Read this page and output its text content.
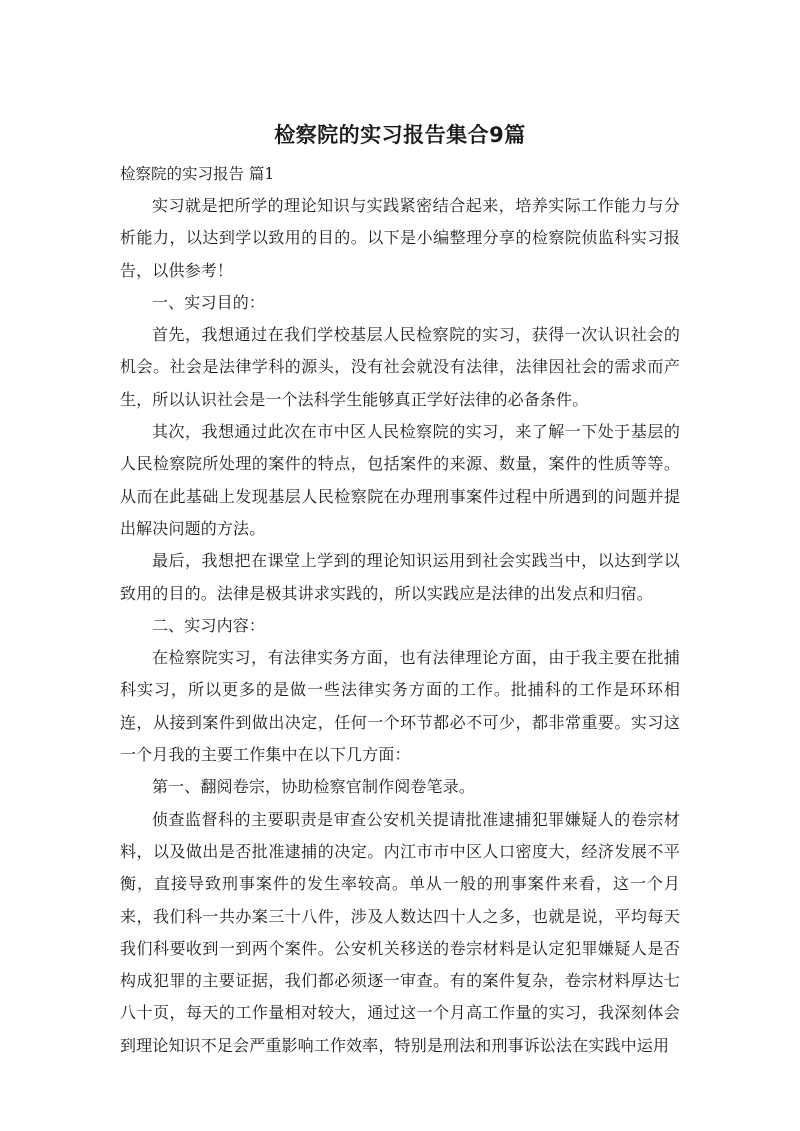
检察院的实习报告集合9篇

检察院的实习报告 篇1

实习就是把所学的理论知识与实践紧密结合起来，培养实际工作能力与分析能力，以达到学以致用的目的。以下是小编整理分享的检察院侦监科实习报告，以供参考！

一、实习目的：

首先，我想通过在我们学校基层人民检察院的实习，获得一次认识社会的机会。社会是法律学科的源头，没有社会就没有法律，法律因社会的需求而产生，所以认识社会是一个法科学生能够真正学好法律的必备条件。

其次，我想通过此次在市中区人民检察院的实习，来了解一下处于基层的人民检察院所处理的案件的特点，包括案件的来源、数量，案件的性质等等。从而在此基础上发现基层人民检察院在办理刑事案件过程中所遇到的问题并提出解决问题的方法。

最后，我想把在课堂上学到的理论知识运用到社会实践当中，以达到学以致用的目的。法律是极其讲求实践的，所以实践应是法律的出发点和归宿。

二、实习内容：

在检察院实习，有法律实务方面，也有法律理论方面，由于我主要在批捕科实习，所以更多的是做一些法律实务方面的工作。批捕科的工作是环环相连，从接到案件到做出决定，任何一个环节都必不可少，都非常重要。实习这一个月我的主要工作集中在以下几方面：

第一、翻阅卷宗，协助检察官制作阅卷笔录。

侦查监督科的主要职责是审查公安机关提请批准逮捕犯罪嫌疑人的卷宗材料，以及做出是否批准逮捕的决定。内江市市中区人口密度大，经济发展不平衡，直接导致刑事案件的发生率较高。单从一般的刑事案件来看，这一个月来，我们科一共办案三十八件，涉及人数达四十人之多，也就是说，平均每天我们科要收到一到两个案件。公安机关移送的卷宗材料是认定犯罪嫌疑人是否构成犯罪的主要证据，我们都必须逐一审查。有的案件复杂，卷宗材料厚达七八十页，每天的工作量相对较大，通过这一个月高工作量的实习，我深刻体会到理论知识不足会严重影响工作效率，特别是刑法和刑事诉讼法在实践中运用
